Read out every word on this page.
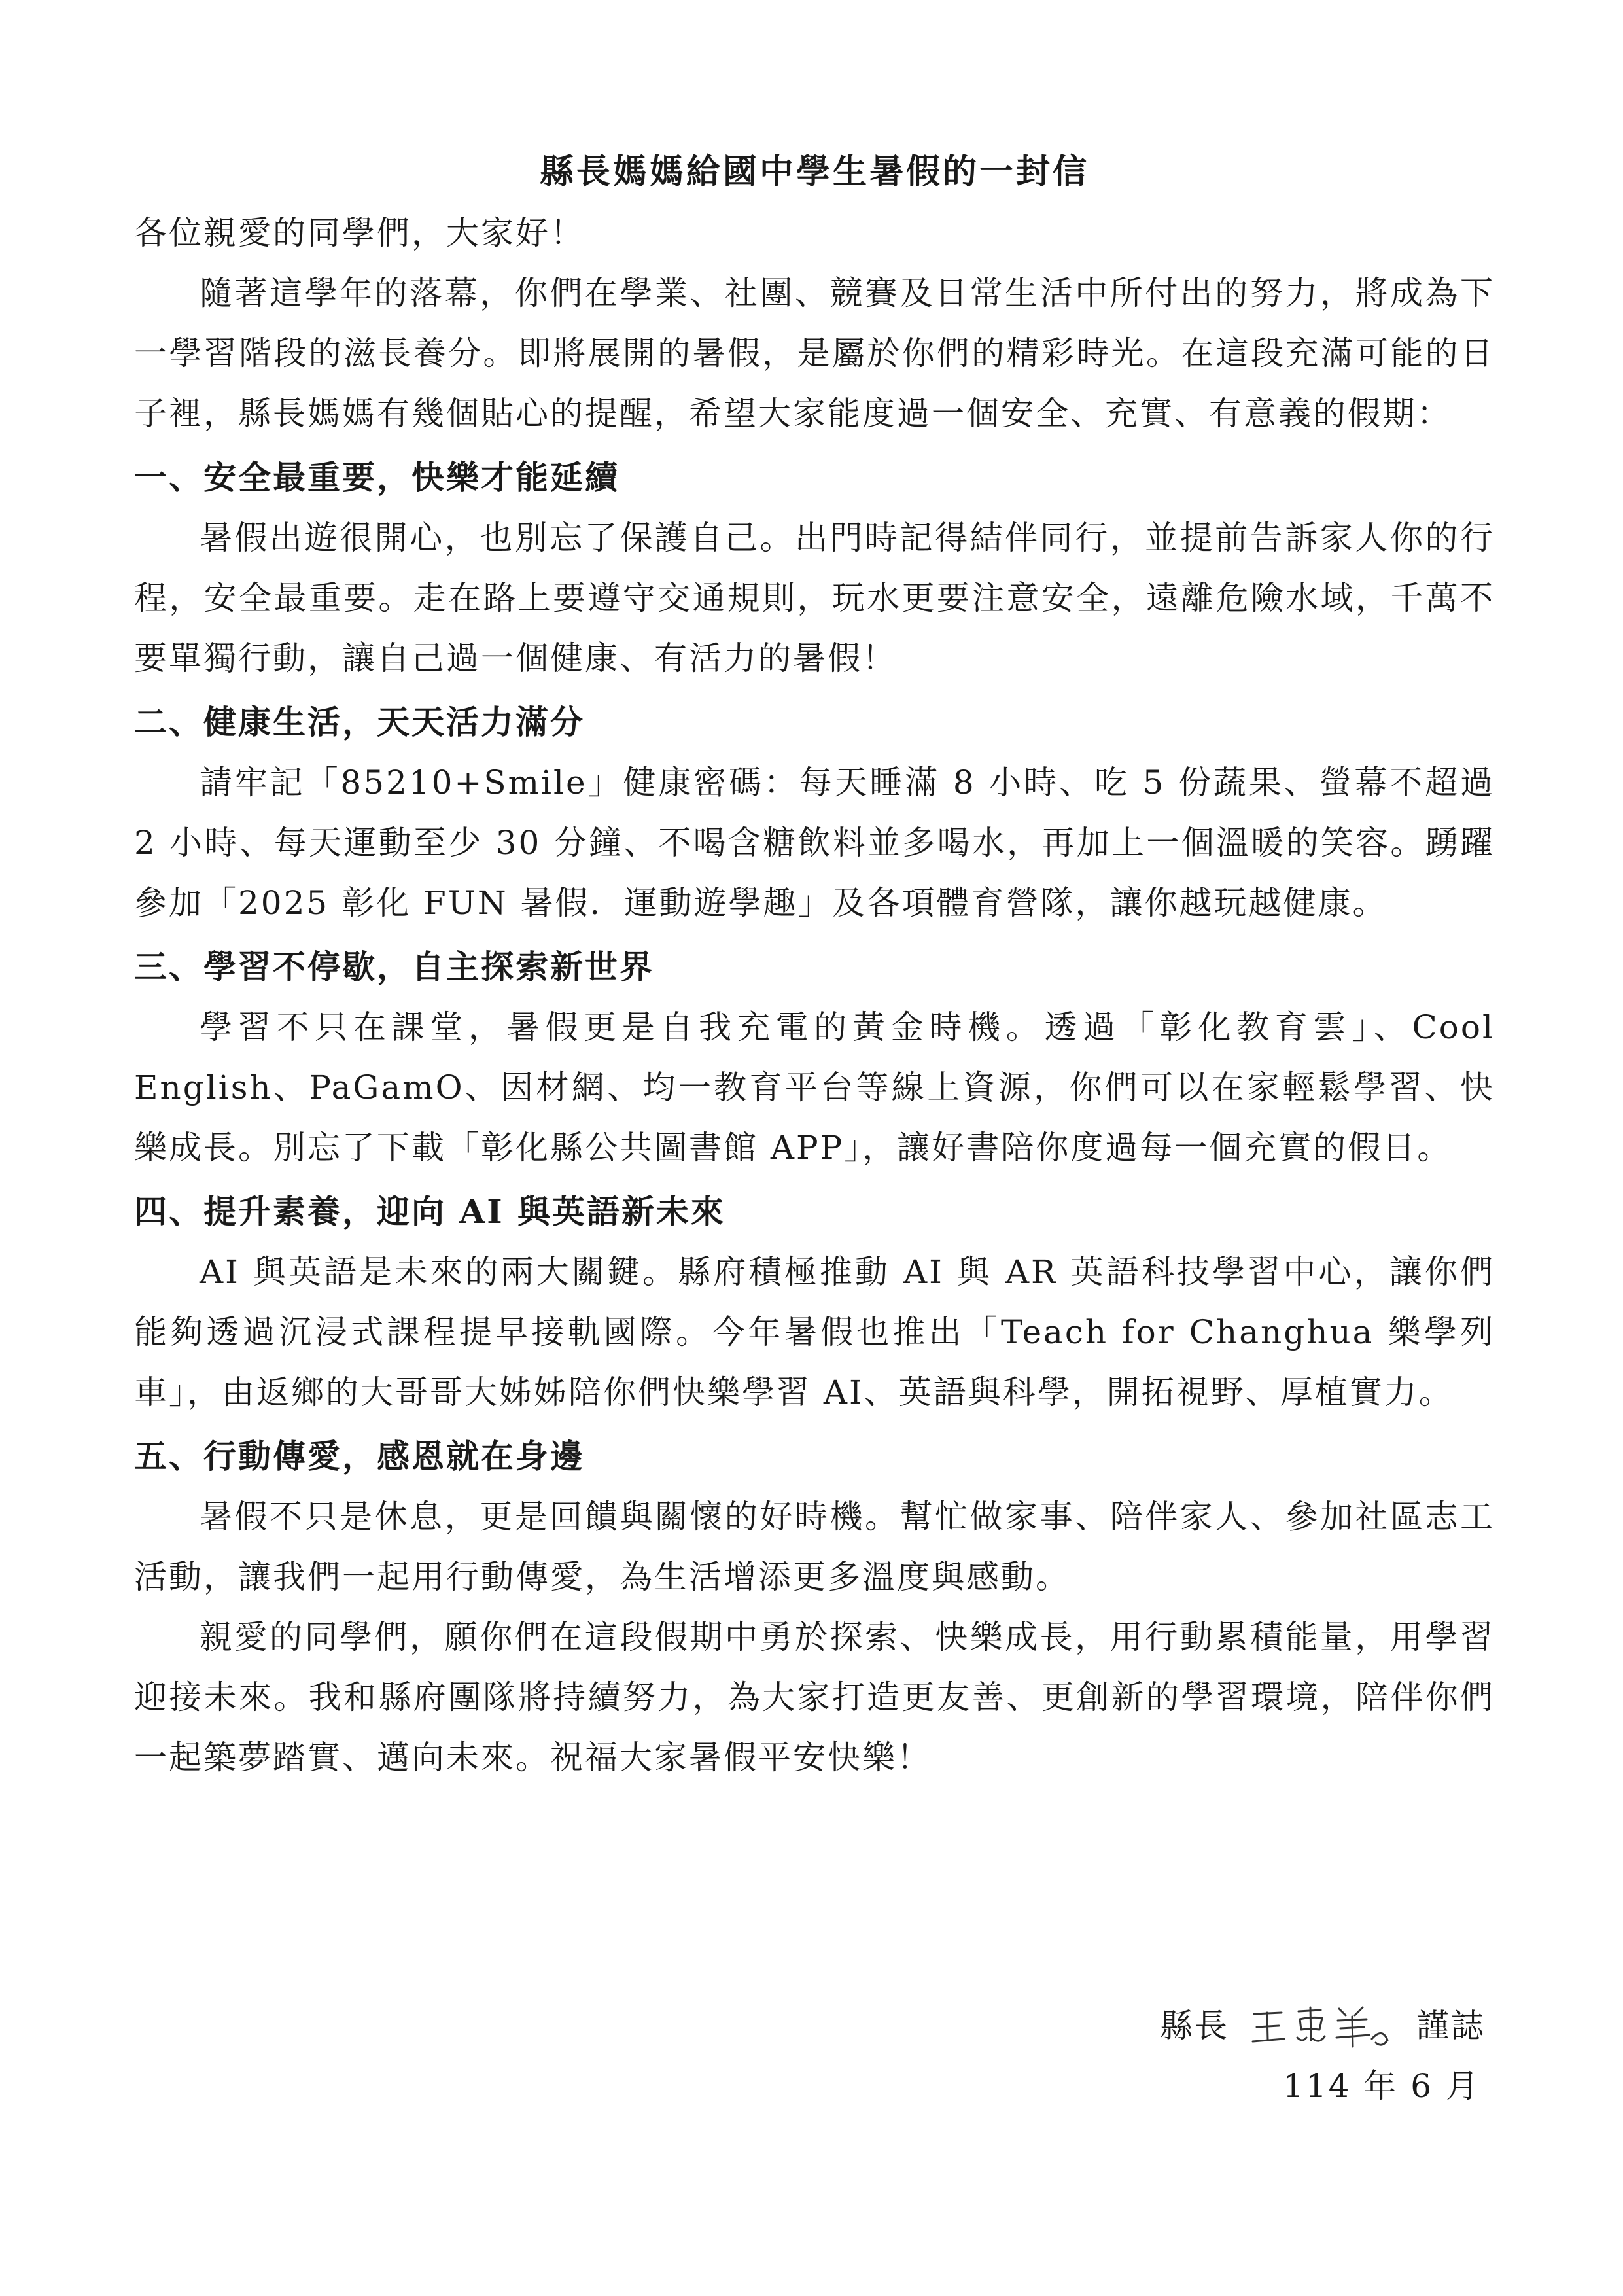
縣長媽媽給國中學生暑假的一封信

各位親愛的同學們，大家好！

隨著這學年的落幕，你們在學業、社團、競賽及日常生活中所付出的努力，將成為下一學習階段的滋長養分。即將展開的暑假，是屬於你們的精彩時光。在這段充滿可能的日子裡，縣長媽媽有幾個貼心的提醒，希望大家能度過一個安全、充實、有意義的假期：

一、安全最重要，快樂才能延續

暑假出遊很開心，也別忘了保護自己。出門時記得結伴同行，並提前告訴家人你的行程，安全最重要。走在路上要遵守交通規則，玩水更要注意安全，遠離危險水域，千萬不要單獨行動，讓自己過一個健康、有活力的暑假！

二、健康生活，天天活力滿分

請牢記「85210+Smile」健康密碼：每天睡滿 8 小時、吃 5 份蔬果、螢幕不超過 2 小時、每天運動至少 30 分鐘、不喝含糖飲料並多喝水，再加上一個溫暖的笑容。踴躍參加「2025 彰化 FUN 暑假．運動遊學趣」及各項體育營隊，讓你越玩越健康。

三、學習不停歇，自主探索新世界

學習不只在課堂，暑假更是自我充電的黃金時機。透過「彰化教育雲」、Cool English、PaGamO、因材網、均一教育平台等線上資源，你們可以在家輕鬆學習、快樂成長。別忘了下載「彰化縣公共圖書館 APP」，讓好書陪你度過每一個充實的假日。

四、提升素養，迎向 AI 與英語新未來

AI 與英語是未來的兩大關鍵。縣府積極推動 AI 與 AR 英語科技學習中心，讓你們能夠透過沉浸式課程提早接軌國際。今年暑假也推出「Teach for Changhua 樂學列車」，由返鄉的大哥哥大姊姊陪你們快樂學習 AI、英語與科學，開拓視野、厚植實力。

五、行動傳愛，感恩就在身邊

暑假不只是休息，更是回饋與關懷的好時機。幫忙做家事、陪伴家人、參加社區志工活動，讓我們一起用行動傳愛，為生活增添更多溫度與感動。

親愛的同學們，願你們在這段假期中勇於探索、快樂成長，用行動累積能量，用學習迎接未來。我和縣府團隊將持續努力，為大家打造更友善、更創新的學習環境，陪伴你們一起築夢踏實、邁向未來。祝福大家暑假平安快樂！

縣長	謹誌
114 年 6 月
